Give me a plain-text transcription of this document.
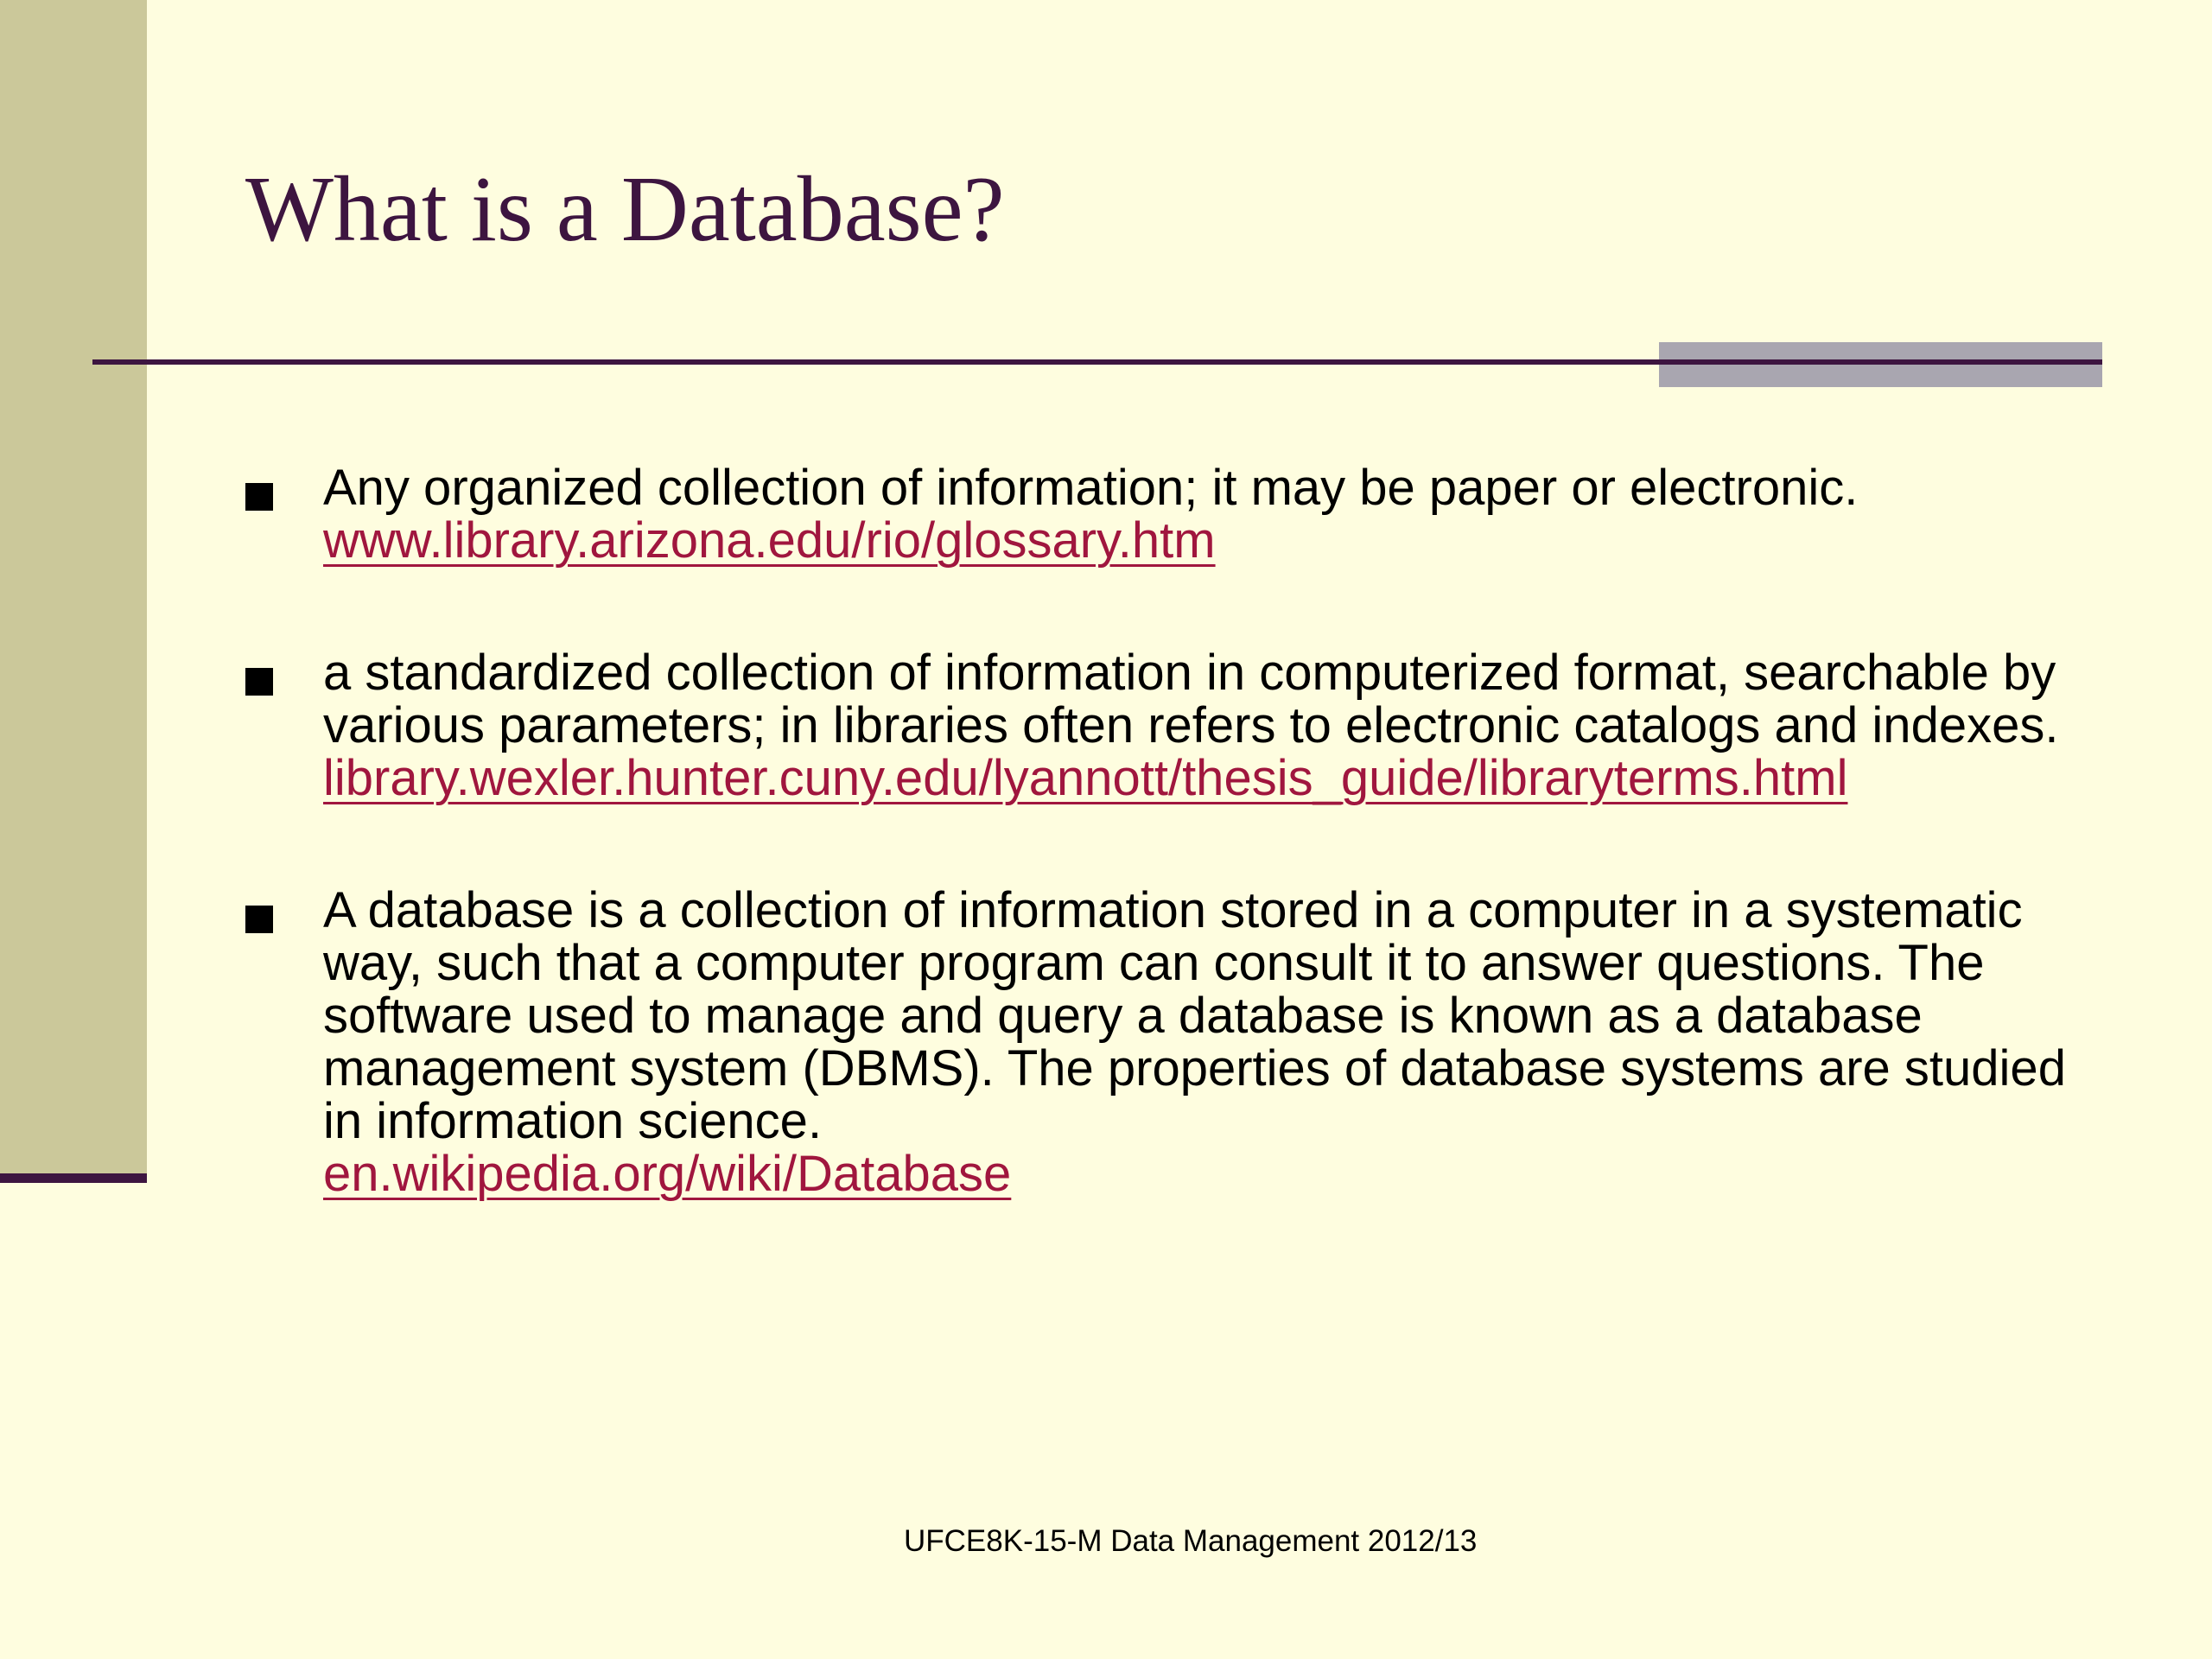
What is a Database?
Any organized collection of information; it may be paper or electronic.
www.library.arizona.edu/rio/glossary.htm
a standardized collection of information in computerized format, searchable by various parameters; in libraries often refers to electronic catalogs and indexes.
library.wexler.hunter.cuny.edu/lyannott/thesis_guide/libraryterms.html
A database is a collection of information stored in a computer in a systematic way, such that a computer program can consult it to answer questions. The software used to manage and query a database is known as a database management system (DBMS). The properties of database systems are studied in information science.
en.wikipedia.org/wiki/Database
UFCE8K-15-M Data Management 2012/13
